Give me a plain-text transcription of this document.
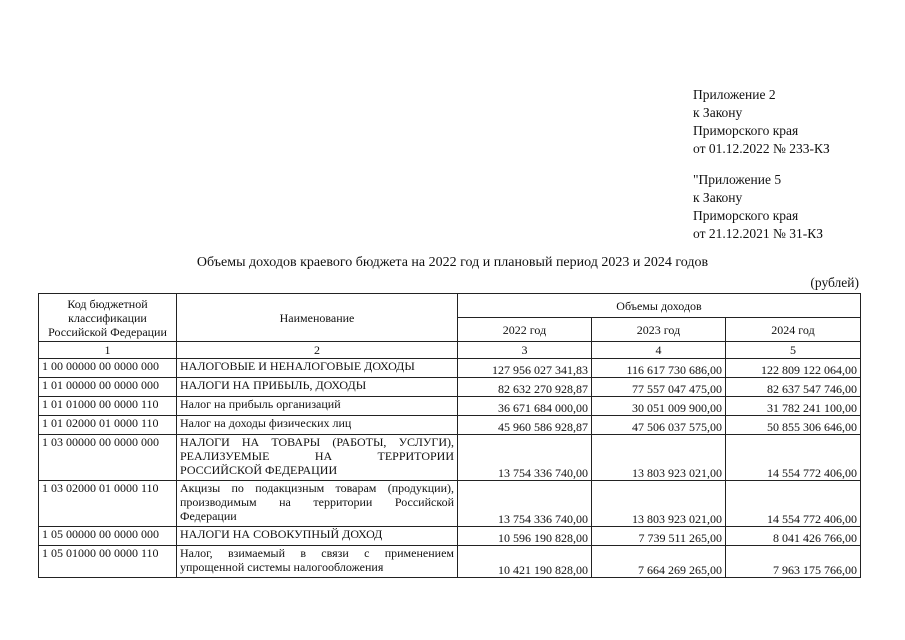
Приложение 2
к Закону
Приморского края
от 01.12.2022 № 233-КЗ
"Приложение 5
к Закону
Приморского края
от 21.12.2021 № 31-КЗ
Объемы доходов краевого бюджета на 2022 год и плановый период 2023 и 2024 годов
(рублей)
Код бюджетной классификации Российской Федерации	Наименование	Объемы доходов		
		2022 год	2023 год	2024 год
1	2	3	4	5
1 00 00000 00 0000 000	НАЛОГОВЫЕ И НЕНАЛОГОВЫЕ ДОХОДЫ	127 956 027 341,83	116 617 730 686,00	122 809 122 064,00
1 01 00000 00 0000 000	НАЛОГИ НА ПРИБЫЛЬ, ДОХОДЫ	82 632 270 928,87	77 557 047 475,00	82 637 547 746,00
1 01 01000 00 0000 110	Налог на прибыль организаций	36 671 684 000,00	30 051 009 900,00	31 782 241 100,00
1 01 02000 01 0000 110	Налог на доходы физических лиц	45 960 586 928,87	47 506 037 575,00	50 855 306 646,00
1 03 00000 00 0000 000	НАЛОГИ НА ТОВАРЫ (РАБОТЫ, УСЛУГИ), РЕАЛИЗУЕМЫЕ НА ТЕРРИТОРИИ РОССИЙСКОЙ ФЕДЕРАЦИИ	13 754 336 740,00	13 803 923 021,00	14 554 772 406,00
1 03 02000 01 0000 110	Акцизы по подакцизным товарам (продукции), производимым на территории Российской Федерации	13 754 336 740,00	13 803 923 021,00	14 554 772 406,00
1 05 00000 00 0000 000	НАЛОГИ НА СОВОКУПНЫЙ ДОХОД	10 596 190 828,00	7 739 511 265,00	8 041 426 766,00
1 05 01000 00 0000 110	Налог, взимаемый в связи с применением упрощенной системы налогообложения	10 421 190 828,00	7 664 269 265,00	7 963 175 766,00
